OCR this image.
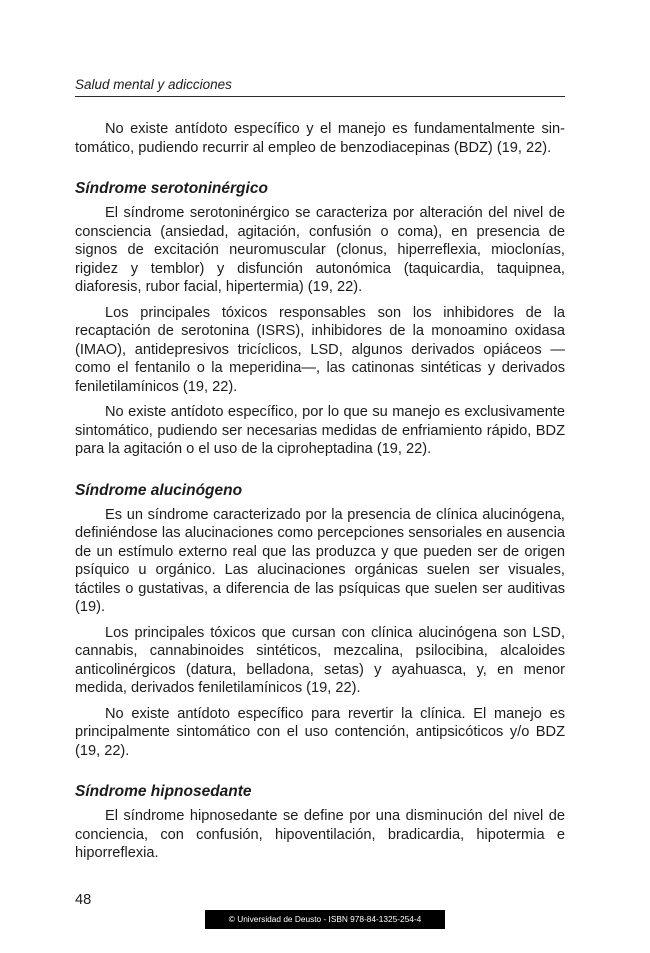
Salud mental y adicciones

No existe antídoto específico y el manejo es fundamentalmente sintomático, pudiendo recurrir al empleo de benzodiacepinas (BDZ) (19, 22).

Síndrome serotoninérgico

El síndrome serotoninérgico se caracteriza por alteración del nivel de consciencia (ansiedad, agitación, confusión o coma), en presencia de signos de excitación neuromuscular (clonus, hiperreflexia, mioclonías, rigidez y temblor) y disfunción autonómica (taquicardia, taquipnea, diaforesis, rubor facial, hipertermia) (19, 22).

Los principales tóxicos responsables son los inhibidores de la recaptación de serotonina (ISRS), inhibidores de la monoamino oxidasa (IMAO), antidepresivos tricíclicos, LSD, algunos derivados opiáceos —como el fentanilo o la meperidina—, las catinonas sintéticas y derivados feniletilamínicos (19, 22).

No existe antídoto específico, por lo que su manejo es exclusivamente sintomático, pudiendo ser necesarias medidas de enfriamiento rápido, BDZ para la agitación o el uso de la ciproheptadina (19, 22).

Síndrome alucinógeno

Es un síndrome caracterizado por la presencia de clínica alucinógena, definiéndose las alucinaciones como percepciones sensoriales en ausencia de un estímulo externo real que las produzca y que pueden ser de origen psíquico u orgánico. Las alucinaciones orgánicas suelen ser visuales, táctiles o gustativas, a diferencia de las psíquicas que suelen ser auditivas (19).

Los principales tóxicos que cursan con clínica alucinógena son LSD, cannabis, cannabinoides sintéticos, mezcalina, psilocibina, alcaloides anticolinérgicos (datura, belladona, setas) y ayahuasca, y, en menor medida, derivados feniletilamínicos (19, 22).

No existe antídoto específico para revertir la clínica. El manejo es principalmente sintomático con el uso contención, antipsicóticos y/o BDZ (19, 22).

Síndrome hipnosedante

El síndrome hipnosedante se define por una disminución del nivel de conciencia, con confusión, hipoventilación, bradicardia, hipotermia e hiporreflexia.

48
© Universidad de Deusto - ISBN 978-84-1325-254-4
